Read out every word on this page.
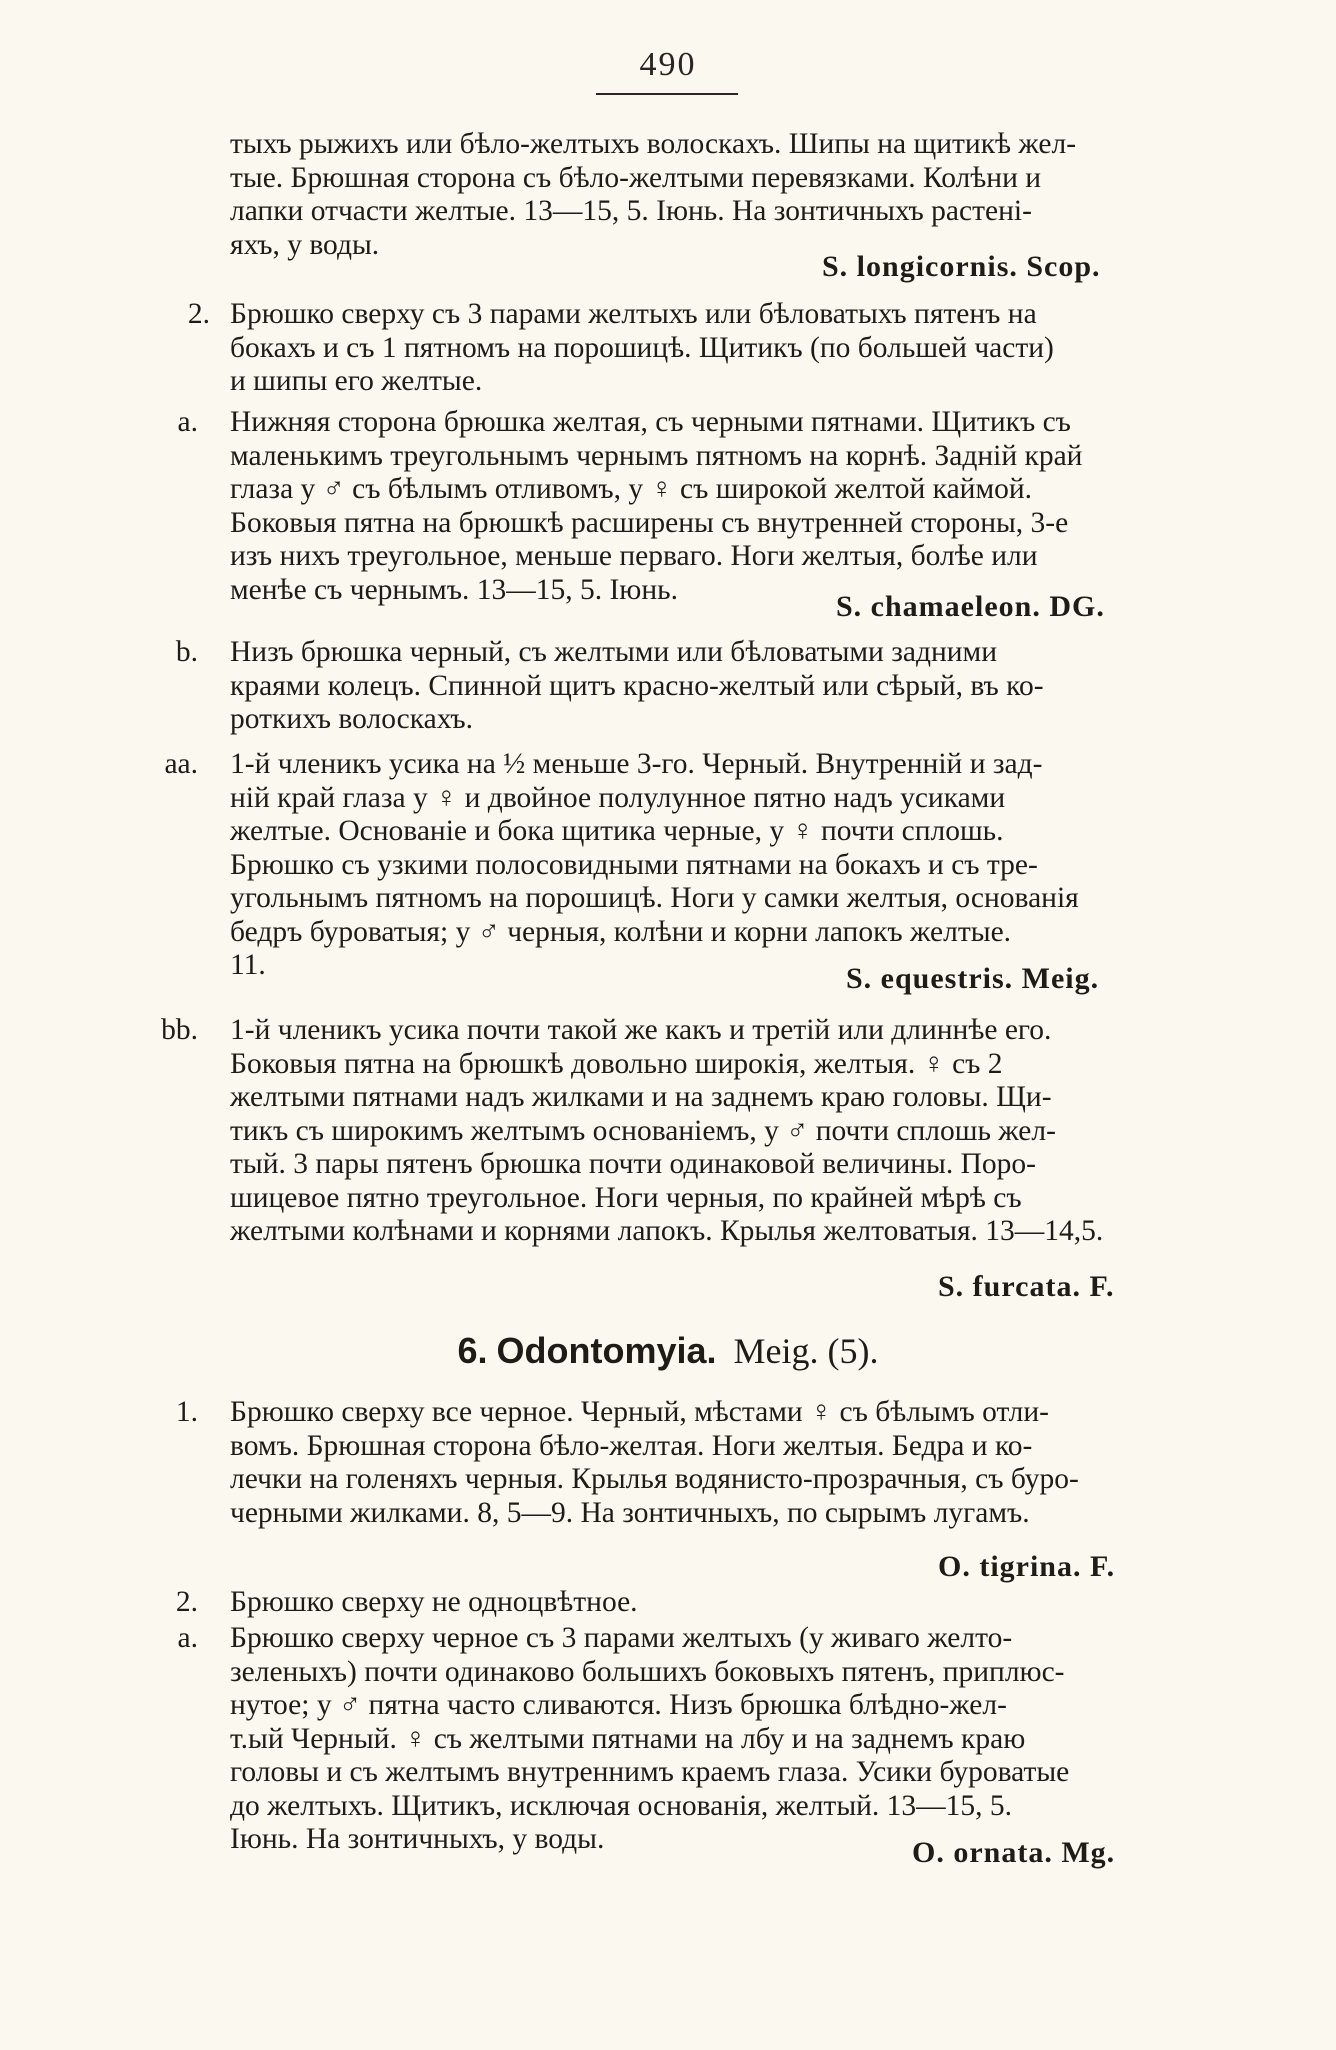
490
тыхъ рыжихъ или бѣло-желтыхъ волоскахъ. Шипы на щитикѣ жел-
тые. Брюшная сторона съ бѣло-желтыми перевязками. Колѣни и
лапки отчасти желтые. 13—15, 5. Іюнь. На зонтичныхъ растені-
яхъ, у воды.
S. longicornis. Scop.
2. Брюшко сверху съ 3 парами желтыхъ или бѣловатыхъ пятенъ на
бокахъ и съ 1 пятномъ на порошицѣ. Щитикъ (по большей части)
и шипы его желтые.
a. Нижняя сторона брюшка желтая, съ черными пятнами. Щитикъ съ
маленькимъ треугольнымъ чернымъ пятномъ на корнѣ. Заднiй край
глаза у ♂ съ бѣлымъ отливомъ, у ♀ съ широкой желтой каймой.
Боковыя пятна на брюшкѣ расширены съ внутренней стороны, 3-е
изъ нихъ треугольное, меньше перваго. Ноги желтыя, болѣе или
менѣе съ чернымъ. 13—15, 5. Іюнь.
S. chamaeleon. DG.
b. Низъ брюшка черный, съ желтыми или бѣловатыми задними
краями колецъ. Спинной щитъ красно-желтый или сѣрый, въ ко-
роткихъ волоскахъ.
aa. 1-й членикъ усика на ½ меньше 3-го. Черный. Внутреннiй и зад-
нiй край глаза у ♀ и двойное полулунное пятно надъ усиками
желтые. Основанiе и бока щитика черные, у ♀ почти сплошь.
Брюшко съ узкими полосовидными пятнами на бокахъ и съ тре-
угольнымъ пятномъ на порошицѣ. Ноги у самки желтыя, основанія
бедръ буроватыя; у ♂ черныя, колѣни и корни лапокъ желтые.
11.	S. equestris. Meig.
bb. 1-й членикъ усика почти такой же какъ и третiй или длиннѣе его.
Боковыя пятна на брюшкѣ довольно широкiя, желтыя. ♀ съ 2
желтыми пятнами надъ жилками и на заднемъ краю головы. Щи-
тикъ съ широкимъ желтымъ основанiемъ, у ♂ почти сплошь жел-
тый. 3 пары пятенъ брюшка почти одинаковой величины. Поро-
шицевое пятно треугольное. Ноги черныя, по крайней мѣрѣ съ
желтыми колѣнами и корнями лапокъ. Крылья желтоватыя. 13—14,5.
S. furcata. F.
6. Odontomyia. Meig. (5).
1. Брюшко сверху все черное. Черный, мѣстами ♀ съ бѣлымъ отли-
вомъ. Брюшная сторона бѣло-желтая. Ноги желтыя. Бедра и ко-
лечки на голеняхъ черныя. Крылья водянисто-прозрачныя, съ буро-
черными жилками. 8, 5—9. На зонтичныхъ, по сырымъ лугамъ.
O. tigrina. F.
2. Брюшко сверху не одноцвѣтное.
a. Брюшко сверху черное съ 3 парами желтыхъ (у живаго желто-
зеленыхъ) почти одинаково большихъ боковыхъ пятенъ, приплюс-
нутое; у ♂ пятна часто сливаются. Низъ брюшка блѣдно-жел-
т.ый Черный. ♀ съ желтыми пятнами на лбу и на заднемъ краю
головы и съ желтымъ внутреннимъ краемъ глаза. Усики буроватые
до желтыхъ. Щитикъ, исключая основанія, желтый. 13—15, 5.
Іюнь. На зонтичныхъ, у воды.	O. ornata. Mg.
